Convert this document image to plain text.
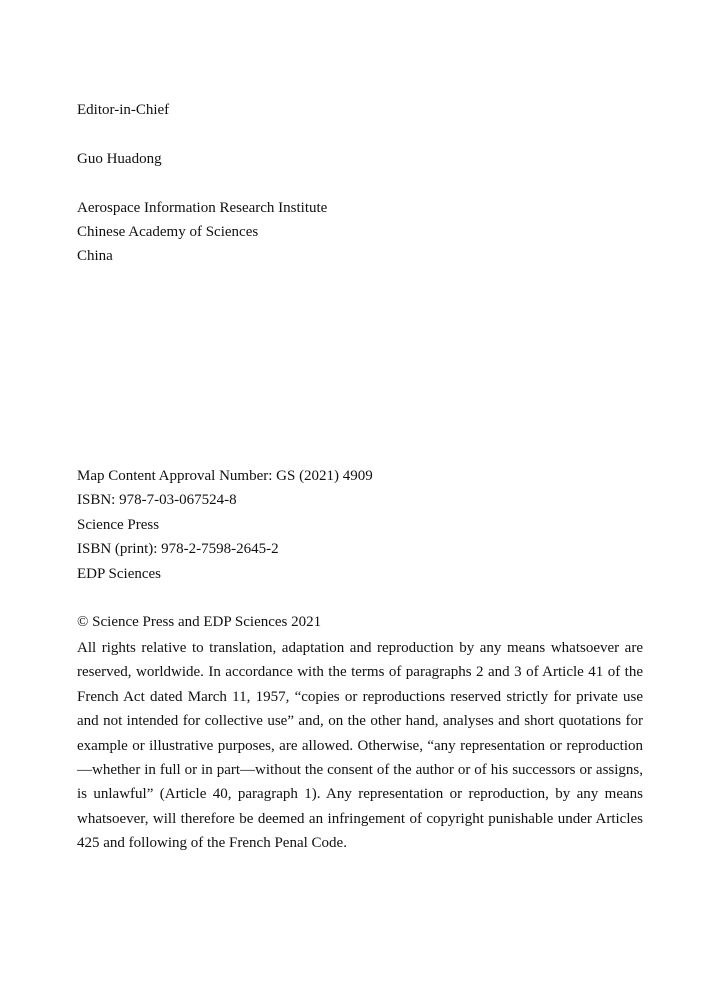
Editor-in-Chief
Guo Huadong
Aerospace Information Research Institute
Chinese Academy of Sciences
China
Map Content Approval Number: GS (2021) 4909
ISBN: 978-7-03-067524-8
Science Press
ISBN (print): 978-2-7598-2645-2
EDP Sciences
© Science Press and EDP Sciences 2021
All rights relative to translation, adaptation and reproduction by any means whatsoever are reserved, worldwide. In accordance with the terms of paragraphs 2 and 3 of Article 41 of the French Act dated March 11, 1957, “copies or reproductions reserved strictly for private use and not intended for collective use” and, on the other hand, analyses and short quotations for example or illustrative purposes, are allowed. Otherwise, “any representation or reproduction—whether in full or in part—without the consent of the author or of his successors or assigns, is unlawful” (Article 40, paragraph 1). Any representation or reproduction, by any means whatsoever, will therefore be deemed an infringement of copyright punishable under Articles 425 and following of the French Penal Code.
